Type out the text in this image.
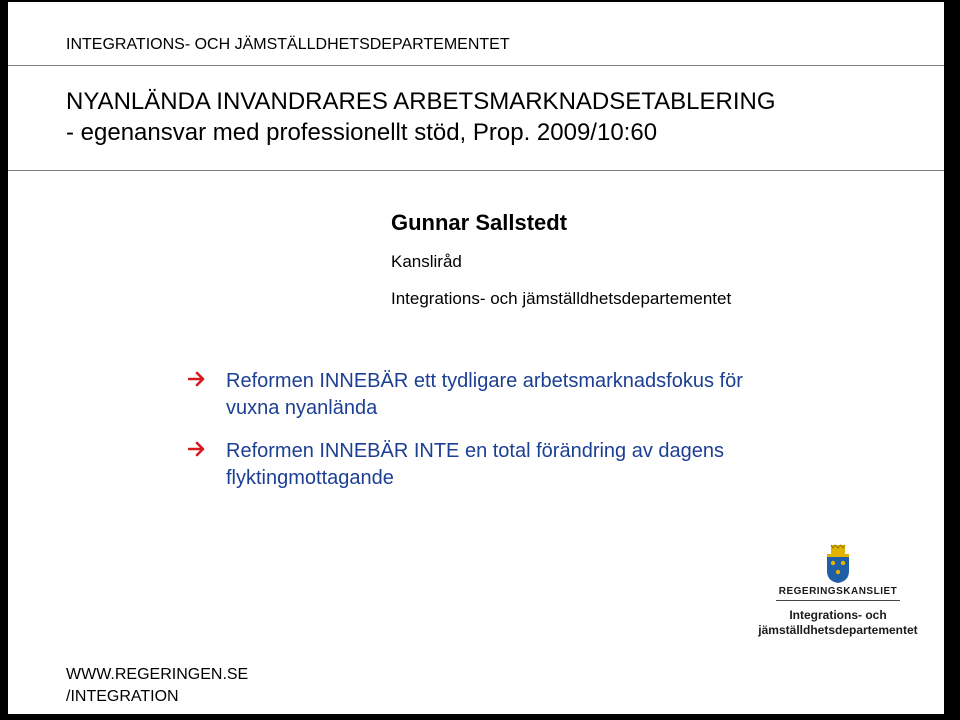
INTEGRATIONS- OCH JÄMSTÄLLDHETSDEPARTEMENTET
NYANLÄNDA INVANDRARES ARBETSMARKNADSETABLERING
- egenansvar med professionellt stöd, Prop. 2009/10:60
Gunnar Sallstedt
Kansliråd
Integrations- och jämställdhetsdepartementet
Reformen INNEBÄR ett tydligare arbetsmarknadsfokus för
vuxna nyanlända
Reformen INNEBÄR INTE en total förändring av dagens
flyktingmottagande
REGERINGSKANSLIET
Integrations- och
jämställdhetsdepartementet
WWW.REGERINGEN.SE
/INTEGRATION
